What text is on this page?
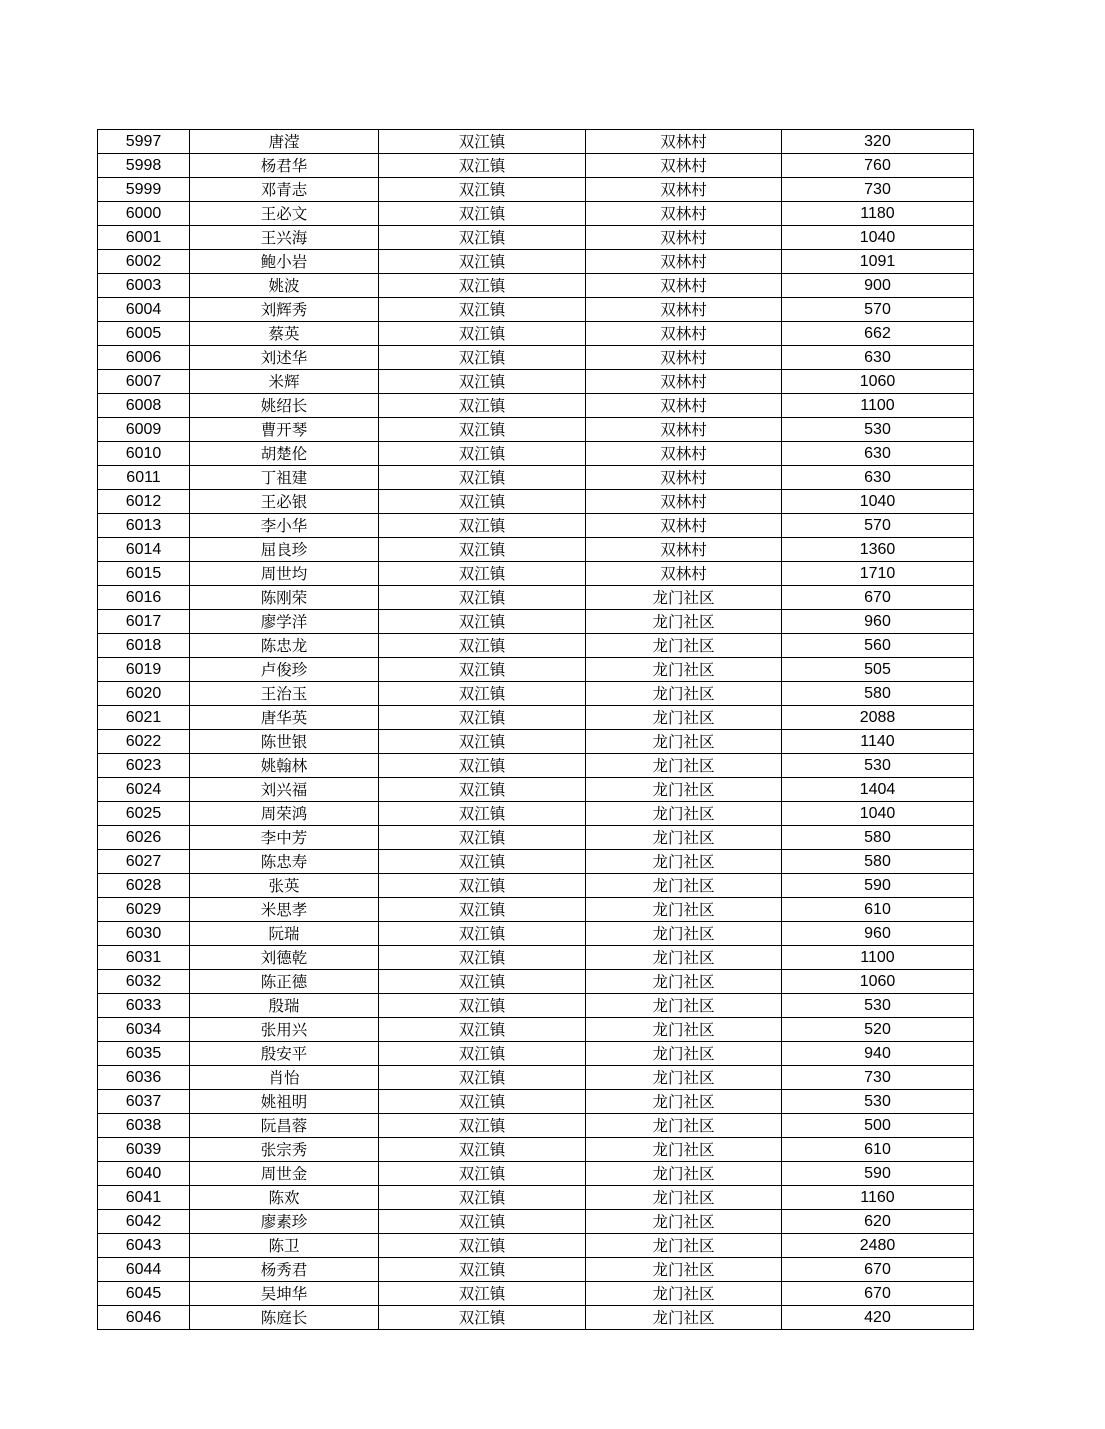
5997	唐滢	双江镇	双林村	320
5998	杨君华	双江镇	双林村	760
5999	邓青志	双江镇	双林村	730
6000	王必文	双江镇	双林村	1180
6001	王兴海	双江镇	双林村	1040
6002	鲍小岩	双江镇	双林村	1091
6003	姚波	双江镇	双林村	900
6004	刘辉秀	双江镇	双林村	570
6005	蔡英	双江镇	双林村	662
6006	刘述华	双江镇	双林村	630
6007	米辉	双江镇	双林村	1060
6008	姚绍长	双江镇	双林村	1100
6009	曹开琴	双江镇	双林村	530
6010	胡楚伦	双江镇	双林村	630
6011	丁祖建	双江镇	双林村	630
6012	王必银	双江镇	双林村	1040
6013	李小华	双江镇	双林村	570
6014	屈良珍	双江镇	双林村	1360
6015	周世均	双江镇	双林村	1710
6016	陈刚荣	双江镇	龙门社区	670
6017	廖学洋	双江镇	龙门社区	960
6018	陈忠龙	双江镇	龙门社区	560
6019	卢俊珍	双江镇	龙门社区	505
6020	王治玉	双江镇	龙门社区	580
6021	唐华英	双江镇	龙门社区	2088
6022	陈世银	双江镇	龙门社区	1140
6023	姚翰林	双江镇	龙门社区	530
6024	刘兴福	双江镇	龙门社区	1404
6025	周荣鸿	双江镇	龙门社区	1040
6026	李中芳	双江镇	龙门社区	580
6027	陈忠寿	双江镇	龙门社区	580
6028	张英	双江镇	龙门社区	590
6029	米思孝	双江镇	龙门社区	610
6030	阮瑞	双江镇	龙门社区	960
6031	刘德乾	双江镇	龙门社区	1100
6032	陈正德	双江镇	龙门社区	1060
6033	殷瑞	双江镇	龙门社区	530
6034	张用兴	双江镇	龙门社区	520
6035	殷安平	双江镇	龙门社区	940
6036	肖怡	双江镇	龙门社区	730
6037	姚祖明	双江镇	龙门社区	530
6038	阮昌蓉	双江镇	龙门社区	500
6039	张宗秀	双江镇	龙门社区	610
6040	周世金	双江镇	龙门社区	590
6041	陈欢	双江镇	龙门社区	1160
6042	廖素珍	双江镇	龙门社区	620
6043	陈卫	双江镇	龙门社区	2480
6044	杨秀君	双江镇	龙门社区	670
6045	吴坤华	双江镇	龙门社区	670
6046	陈庭长	双江镇	龙门社区	420
